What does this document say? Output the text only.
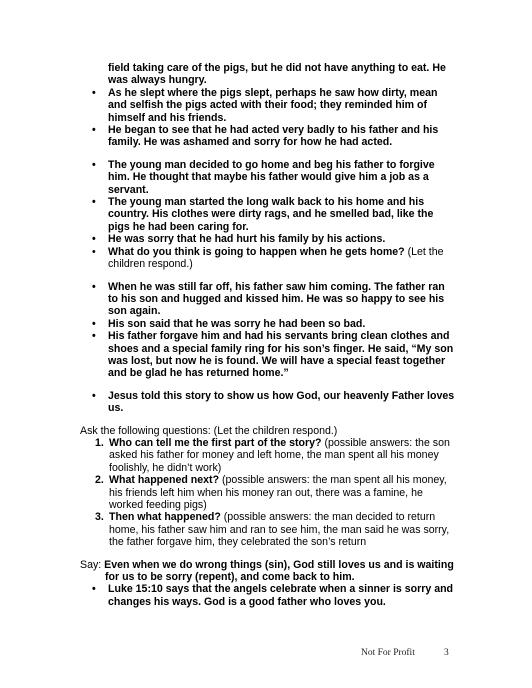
field taking care of the pigs, but he did not have anything to eat. He
was always hungry.
• As he slept where the pigs slept, perhaps he saw how dirty, mean
and selfish the pigs acted with their food; they reminded him of
himself and his friends.
• He began to see that he had acted very badly to his father and his
family. He was ashamed and sorry for how he had acted.
• The young man decided to go home and beg his father to forgive
him. He thought that maybe his father would give him a job as a
servant.
• The young man started the long walk back to his home and his
country. His clothes were dirty rags, and he smelled bad, like the
pigs he had been caring for.
• He was sorry that he had hurt his family by his actions.
• What do you think is going to happen when he gets home? (Let the
children respond.)
• When he was still far off, his father saw him coming. The father ran
to his son and hugged and kissed him. He was so happy to see his
son again.
• His son said that he was sorry he had been so bad.
• His father forgave him and had his servants bring clean clothes and
shoes and a special family ring for his son’s finger. He said, “My son
was lost, but now he is found. We will have a special feast together
and be glad he has returned home.”
• Jesus told this story to show us how God, our heavenly Father loves
us.
Ask the following questions: (Let the children respond.)
1. Who can tell me the first part of the story? (possible answers: the son
asked his father for money and left home, the man spent all his money
foolishly, he didn’t work)
2. What happened next? (possible answers: the man spent all his money,
his friends left him when his money ran out, there was a famine, he
worked feeding pigs)
3. Then what happened? (possible answers: the man decided to return
home, his father saw him and ran to see him, the man said he was sorry,
the father forgave him, they celebrated the son’s return
Say: Even when we do wrong things (sin), God still loves us and is waiting
for us to be sorry (repent), and come back to him.
• Luke 15:10 says that the angels celebrate when a sinner is sorry and
changes his ways. God is a good father who loves you.
Not For Profit	3
